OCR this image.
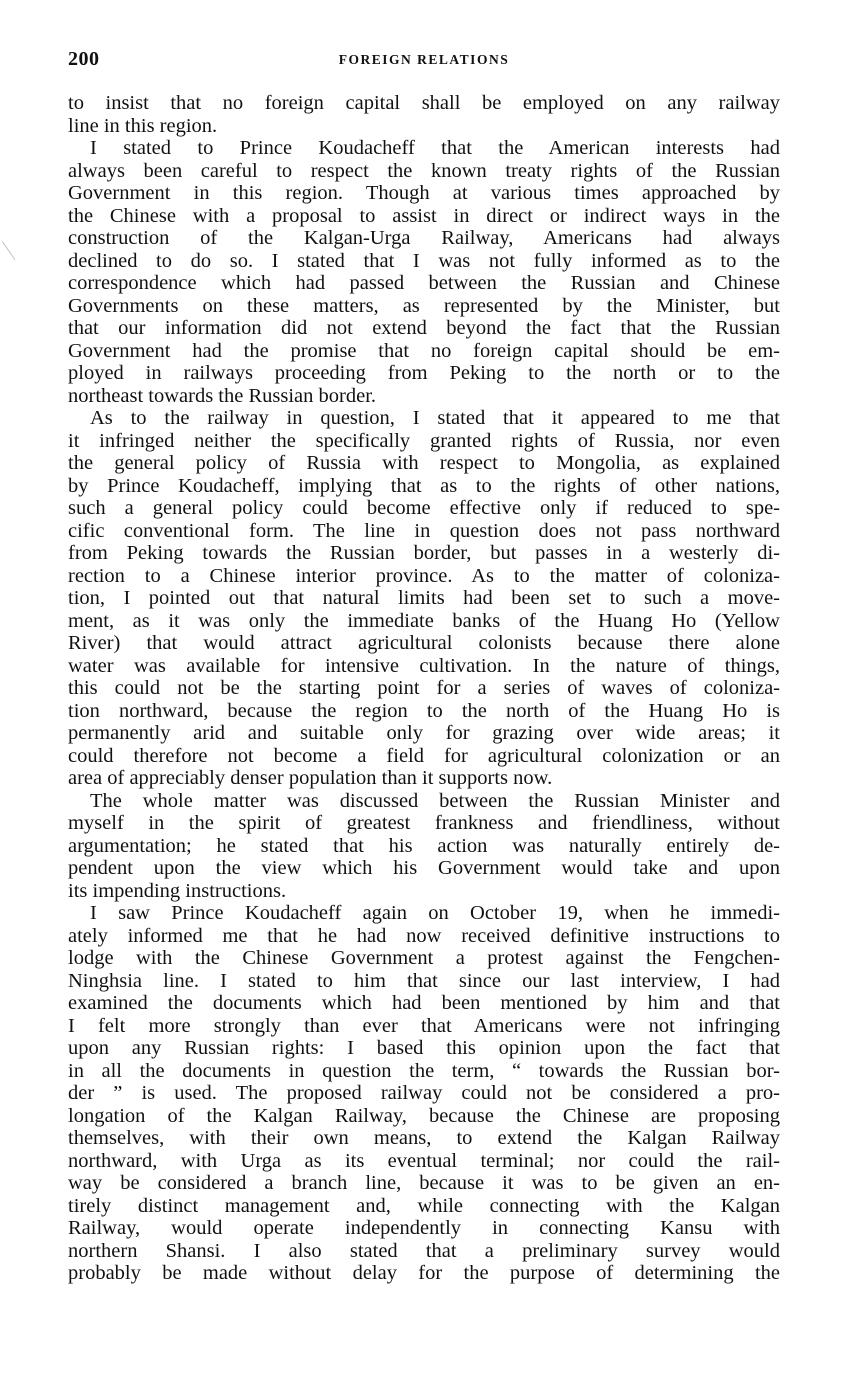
200	FOREIGN RELATIONS
to insist that no foreign capital shall be employed on any railway
line in this region.
I stated to Prince Koudacheff that the American interests had
always been careful to respect the known treaty rights of the Russian
Government in this region. Though at various times approached by
the Chinese with a proposal to assist in direct or indirect ways in the
construction of the Kalgan-Urga Railway, Americans had always
declined to do so. I stated that I was not fully informed as to the
correspondence which had passed between the Russian and Chinese
Governments on these matters, as represented by the Minister, but
that our information did not extend beyond the fact that the Russian
Government had the promise that no foreign capital should be em-
ployed in railways proceeding from Peking to the north or to the
northeast towards the Russian border.
As to the railway in question, I stated that it appeared to me that
it infringed neither the specifically granted rights of Russia, nor even
the general policy of Russia with respect to Mongolia, as explained
by Prince Koudacheff, implying that as to the rights of other nations,
such a general policy could become effective only if reduced to spe-
cific conventional form. The line in question does not pass northward
from Peking towards the Russian border, but passes in a westerly di-
rection to a Chinese interior province. As to the matter of coloniza-
tion, I pointed out that natural limits had been set to such a move-
ment, as it was only the immediate banks of the Huang Ho (Yellow
River) that would attract agricultural colonists because there alone
water was available for intensive cultivation. In the nature of things,
this could not be the starting point for a series of waves of coloniza-
tion northward, because the region to the north of the Huang Ho is
permanently arid and suitable only for grazing over wide areas; it
could therefore not become a field for agricultural colonization or an
area of appreciably denser population than it supports now.
The whole matter was discussed between the Russian Minister and
myself in the spirit of greatest frankness and friendliness, without
argumentation; he stated that his action was naturally entirely de-
pendent upon the view which his Government would take and upon
its impending instructions.
I saw Prince Koudacheff again on October 19, when he immedi-
ately informed me that he had now received definitive instructions to
lodge with the Chinese Government a protest against the Fengchen-
Ninghsia line. I stated to him that since our last interview, I had
examined the documents which had been mentioned by him and that
I felt more strongly than ever that Americans were not infringing
upon any Russian rights: I based this opinion upon the fact that
in all the documents in question the term, “ towards the Russian bor-
der ” is used. The proposed railway could not be considered a pro-
longation of the Kalgan Railway, because the Chinese are proposing
themselves, with their own means, to extend the Kalgan Railway
northward, with Urga as its eventual terminal; nor could the rail-
way be considered a branch line, because it was to be given an en-
tirely distinct management and, while connecting with the Kalgan
Railway, would operate independently in connecting Kansu with
northern Shansi. I also stated that a preliminary survey would
probably be made without delay for the purpose of determining the
